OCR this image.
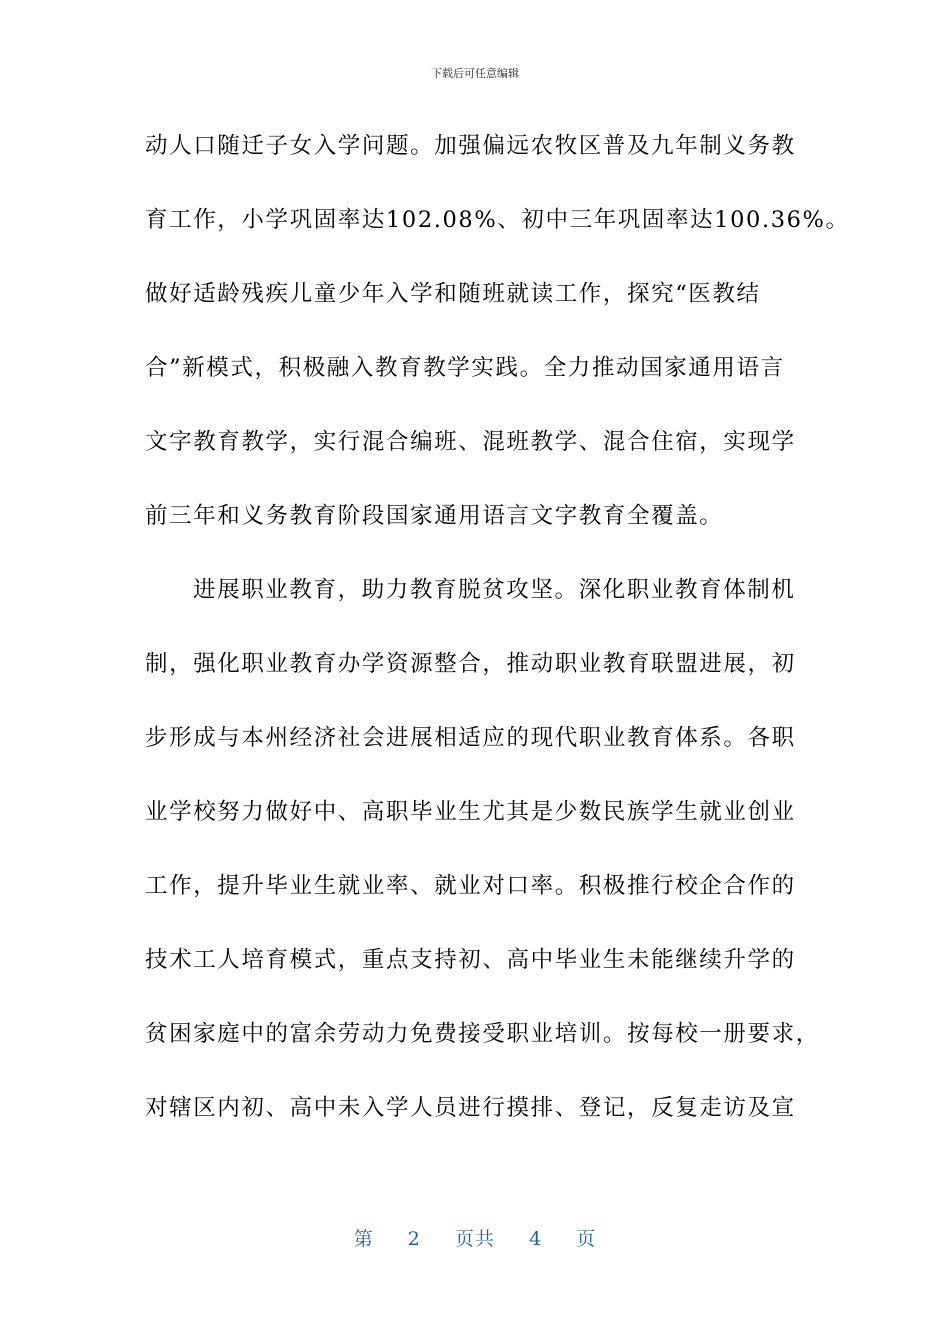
下载后可任意编辑
动人口随迁子女入学问题。加强偏远农牧区普及九年制义务教
育工作，小学巩固率达102.08%、初中三年巩固率达100.36%。
做好适龄残疾儿童少年入学和随班就读工作，探究“医教结
合”新模式，积极融入教育教学实践。全力推动国家通用语言
文字教育教学，实行混合编班、混班教学、混合住宿，实现学
前三年和义务教育阶段国家通用语言文字教育全覆盖。
进展职业教育，助力教育脱贫攻坚。深化职业教育体制机
制，强化职业教育办学资源整合，推动职业教育联盟进展，初
步形成与本州经济社会进展相适应的现代职业教育体系。各职
业学校努力做好中、高职毕业生尤其是少数民族学生就业创业
工作，提升毕业生就业率、就业对口率。积极推行校企合作的
技术工人培育模式，重点支持初、高中毕业生未能继续升学的
贫困家庭中的富余劳动力免费接受职业培训。按每校一册要求，
对辖区内初、高中未入学人员进行摸排、登记，反复走访及宣
第 2 页共 4 页
